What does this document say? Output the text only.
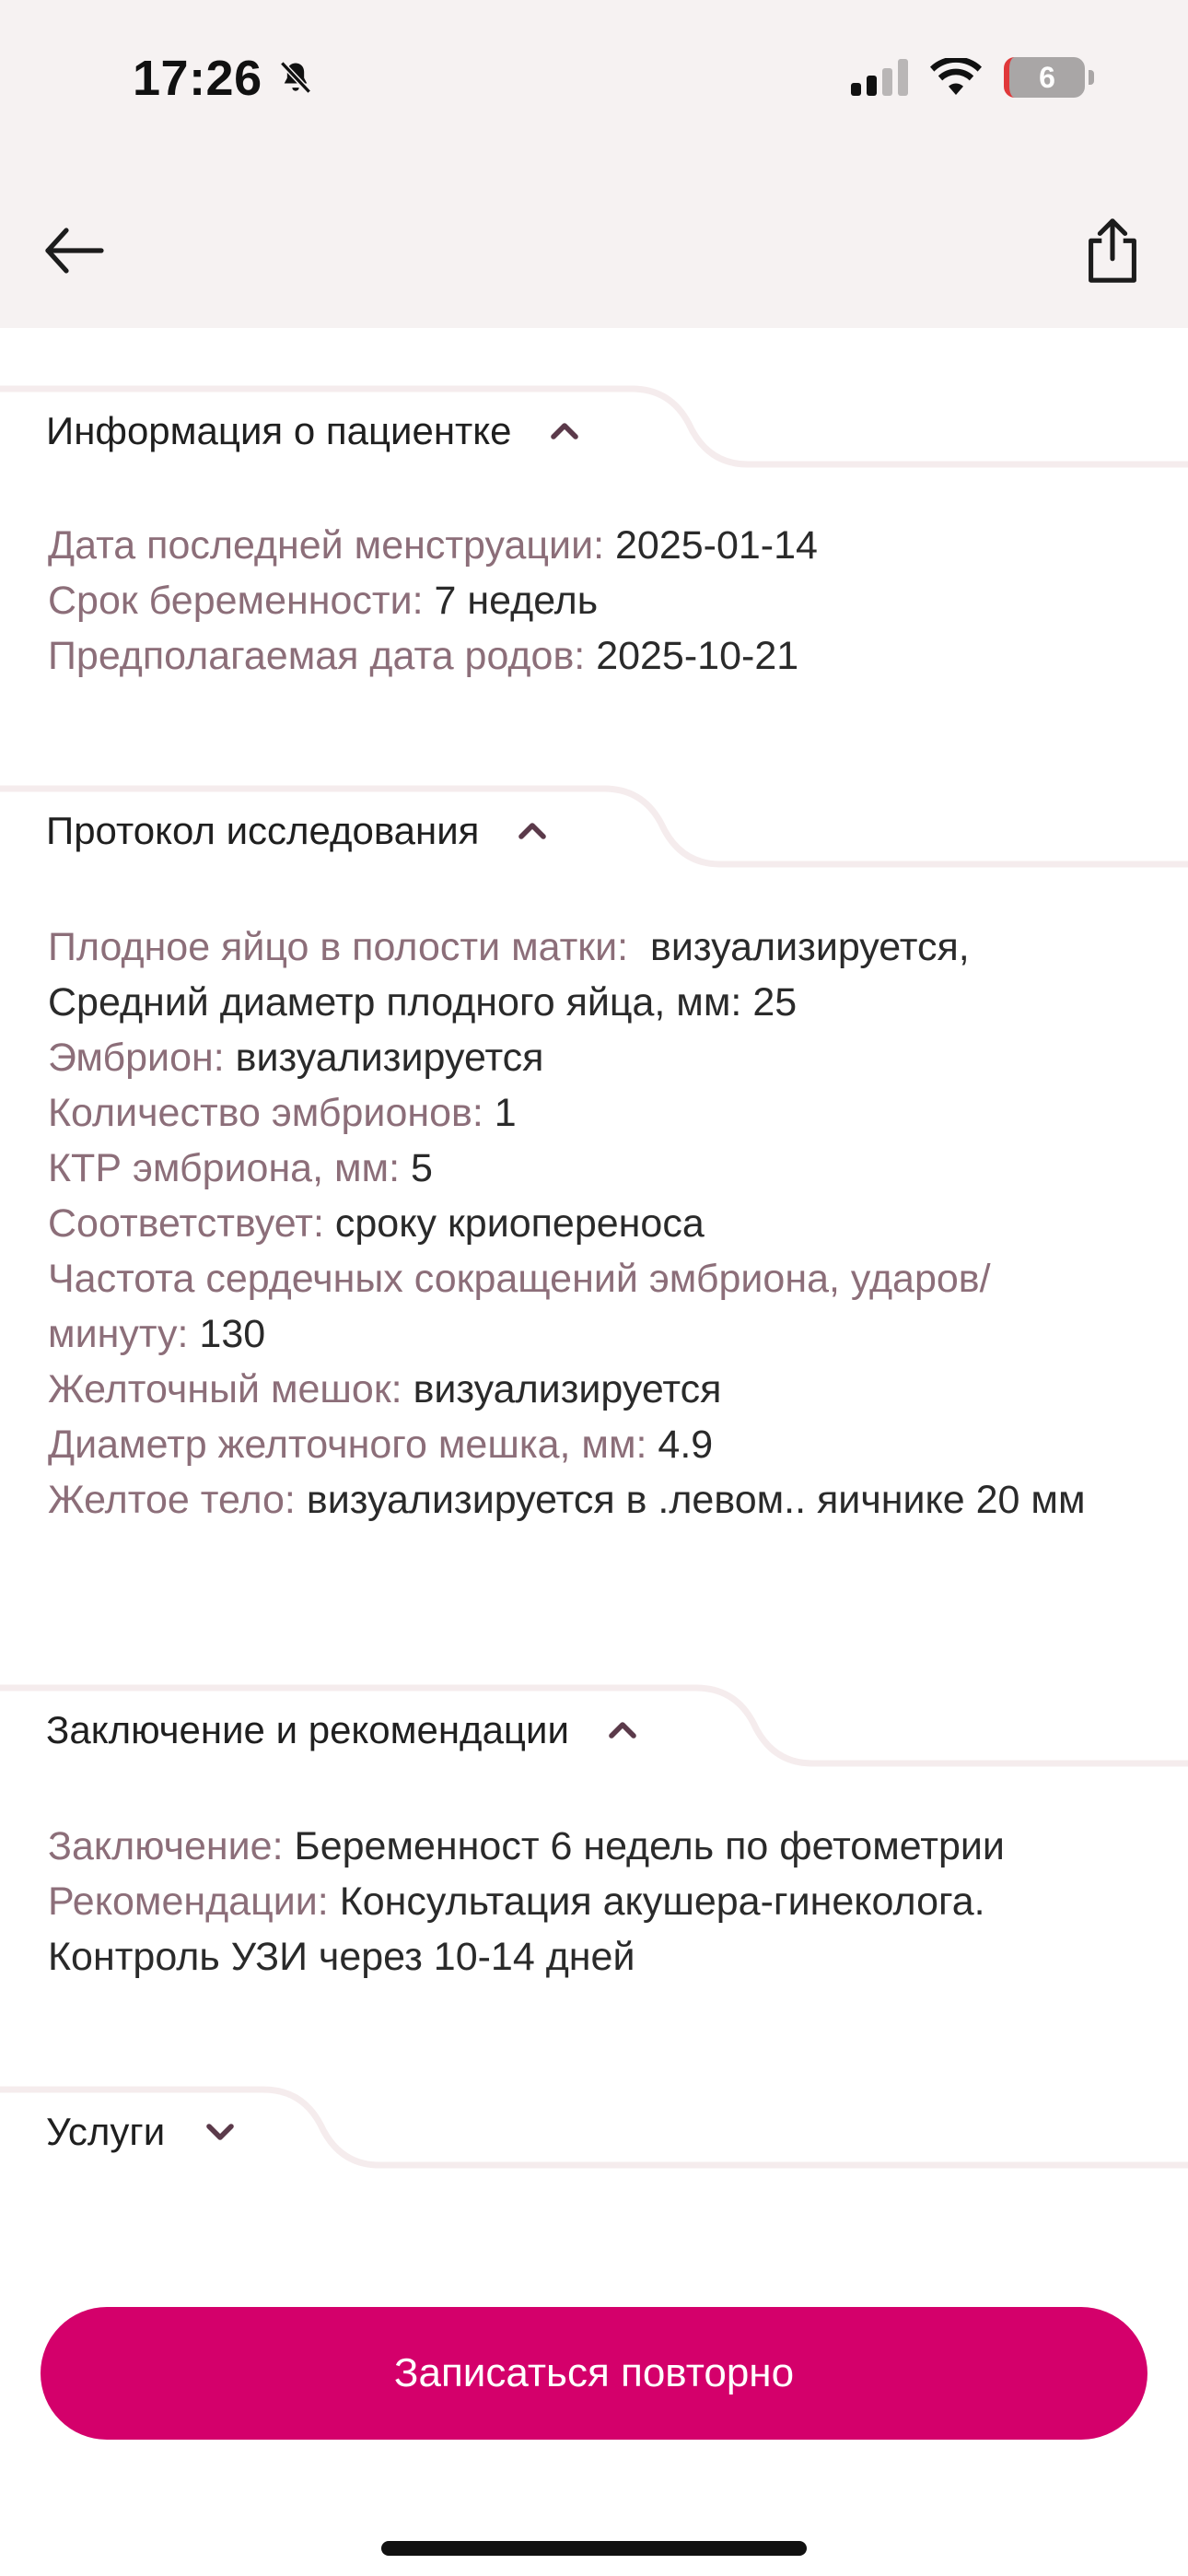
17:26	6
Информация о пациентке
Дата последней менструации: 2025-01-14
Срок беременности: 7 недель
Предполагаемая дата родов: 2025-10-21
Протокол исследования
Плодное яйцо в полости матки: визуализируется,
Средний диаметр плодного яйца, мм: 25
Эмбрион: визуализируется
Количество эмбрионов: 1
КТР эмбриона, мм: 5
Соответствует: сроку криопереноса
Частота сердечных сокращений эмбриона, ударов/ минуту: 130
Желточный мешок: визуализируется
Диаметр желточного мешка, мм: 4.9
Желтое тело: визуализируется в .левом.. яичнике 20 мм
Заключение и рекомендации
Заключение: Беременност 6 недель по фетометрии
Рекомендации: Консультация акушера-гинеколога. Контроль УЗИ через 10-14 дней
Услуги
Записаться повторно
